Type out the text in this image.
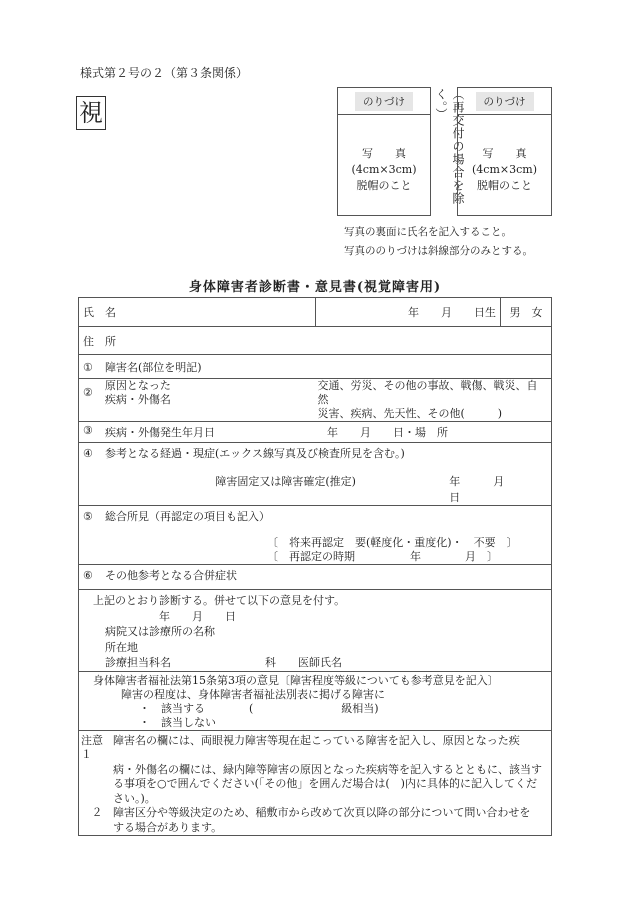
様式第２号の２（第３条関係）
視	のりづけ
写　　真
(4cm×3cm)
脱帽のこと	（再交付の場合を除く。）	のりづけ
写　　真
(4cm×3cm)
脱帽のこと
写真の裏面に氏名を記入すること。
写真ののりづけは斜線部分のみとする。
身体障害者診断書・意見書(視覚障害用)
氏　名	年　　月　　日生	男　女
住　所
① 障害名(部位を明記)

②
原因となった
疾病・外傷名
交通、労災、その他の事故、戦傷、戦災、自然
災害、疾病、先天性、その他(　　　)

③	疾病・外傷発生年月日	年　　月　　日・場　所

④ 参考となる経過・現症(エックス線写真及び検査所見を含む。)
障害固定又は障害確定(推定)	年　　　月　　　日

⑤ 総合所見（再認定の項目も記入）
〔　将来再認定　要(軽度化・重度化)・　不要　〕
〔　再認定の時期　　　　　年　　　　月　〕

⑥ その他参考となる合併症状

上記のとおり診断する。併せて以下の意見を付す。
年　　月　　日
病院又は診療所の名称
所在地
診療担当科名	科　　医師氏名

身体障害者福祉法第15条第3項の意見〔障害程度等級についても参考意見を記入〕
障害の程度は、身体障害者福祉法別表に掲げる障害に
・　該当する　　　　(　　　　　　　　級相当)
・　該当しない

注意１
障害名の欄には、両眼視力障害等現在起こっている障害を記入し、原因となった疾
病・外傷名の欄には、緑内障等障害の原因となった疾病等を記入するとともに、該当す
る事項を○で囲んでください(「その他」を囲んだ場合は(　)内に具体的に記入してくだ
さい。)。
２ 障害区分や等級決定のため、稲敷市から改めて次頁以降の部分について問い合わせを
する場合があります。
